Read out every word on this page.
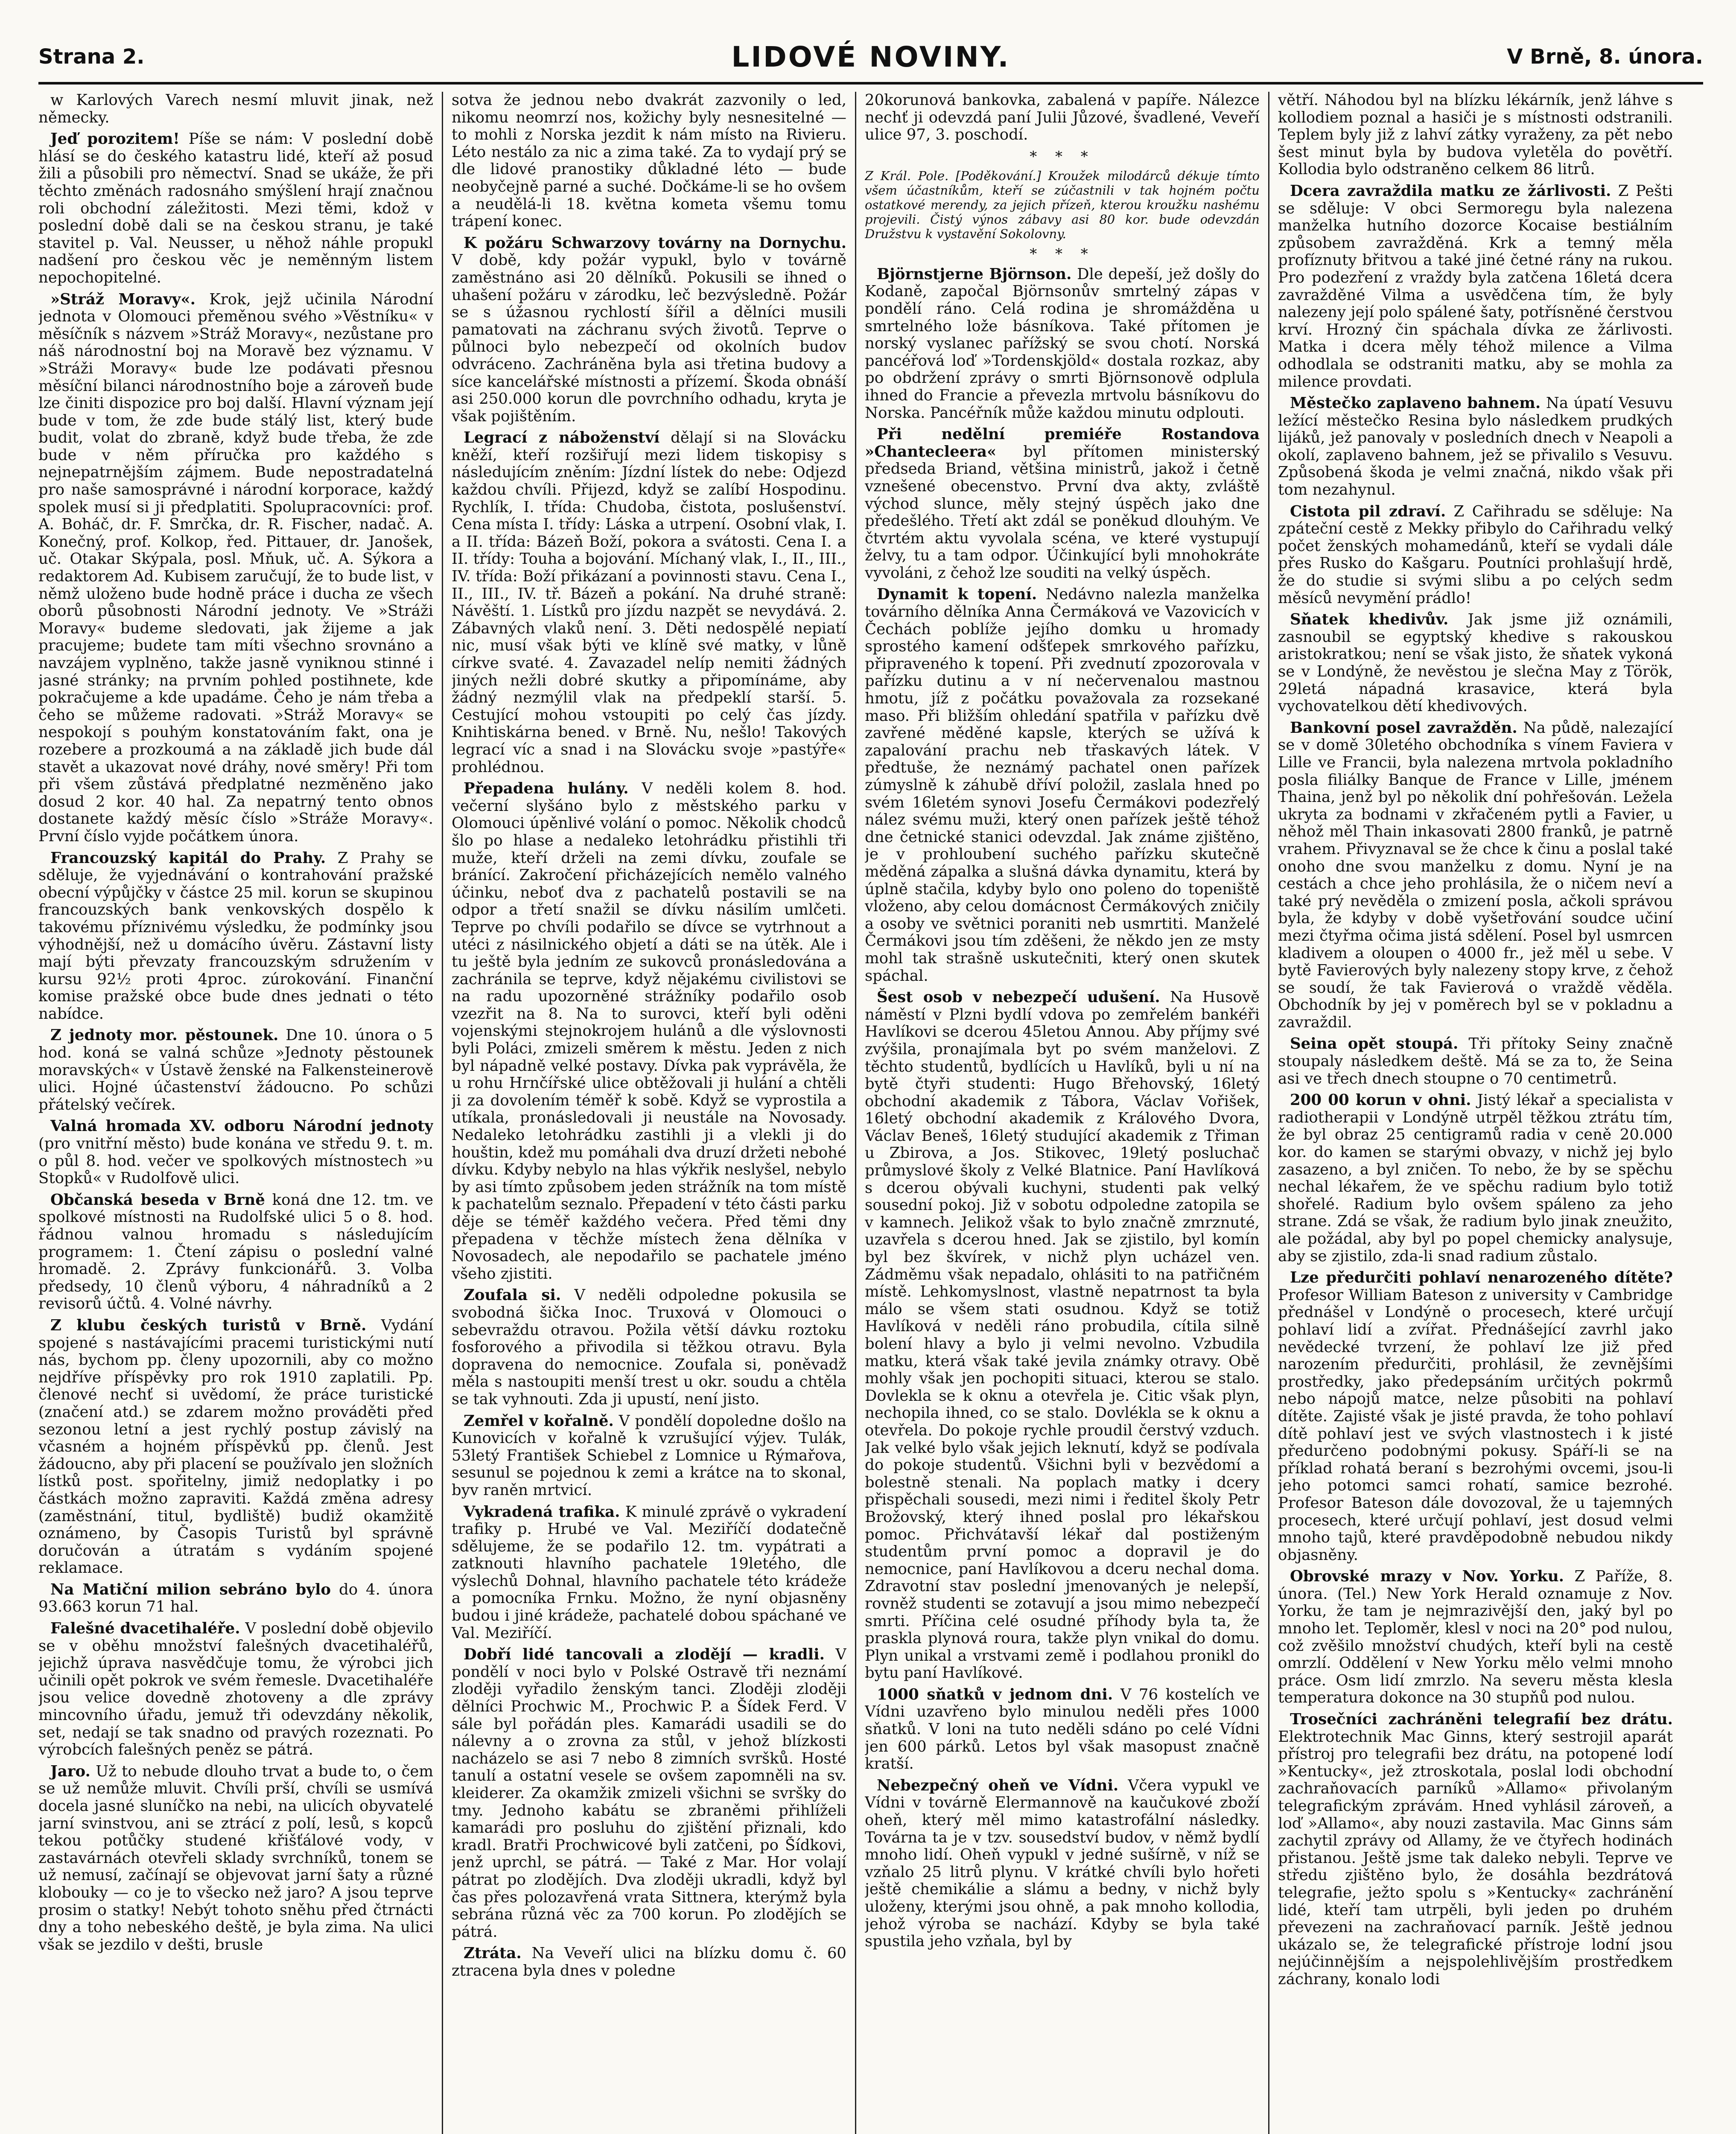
Strana 2.	LIDOVÉ NOVINY.	V Brně, 8. února.

w Karlových Varech nesmí mluvit jinak, než německy.

Jeď porozitem! Píše se nám: V poslední době hlásí se do českého katastru lidé, kteří až posud žili a působili pro němectví. Snad se ukáže, že při těchto změnách radosnáho smýšlení hrají značnou roli obchodní záležitosti. Mezi těmi, kdož v poslední době dali se na českou stranu, je také stavitel p. Val. Neusser, u něhož náhle propukl nadšení pro českou věc je neměnným listem nepochopitelné.

»Stráž Moravy«. Krok, jejž učinila Národní jednota v Olomouci přeměnou svého »Věstníku« v měsíčník s názvem »Stráž Moravy«, nezůstane pro náš národnostní boj na Moravě bez významu. V »Stráži Moravy« bude lze podávati přesnou měsíční bilanci národnostního boje a zároveň bude lze činiti dispozice pro boj další. Hlavní význam její bude v tom, že zde bude stálý list, který bude budit, volat do zbraně, když bude třeba, že zde bude v něm příručka pro každého s nejnepatrnějším zájmem. Bude nepostradatelná pro naše samosprávné i národní korporace, každý spolek musí si ji předplatiti. Spolupracovníci: prof. A. Boháč, dr. F. Smrčka, dr. R. Fischer, nadač. A. Konečný, prof. Kolkop, řed. Pittauer, dr. Janošek, uč. Otakar Skýpala, posl. Mňuk, uč. A. Sýkora a redaktorem Ad. Kubisem zaručují, že to bude list, v němž uloženo bude hodně práce i ducha ze všech oborů působnosti Národní jednoty. Ve »Stráži Moravy« budeme sledovati, jak žijeme a jak pracujeme; budete tam míti všechno srovnáno a navzájem vyplněno, takže jasně vyniknou stinné i jasné stránky; na prvním pohled postihnete, kde pokračujeme a kde upadáme. Čeho je nám třeba a čeho se můžeme radovati. »Stráž Moravy« se nespokojí s pouhým konstatováním fakt, ona je rozebere a prozkoumá a na základě jich bude dál stavět a ukazovat nové dráhy, nové směry! Při tom při všem zůstává předplatné nezměněno jako dosud 2 kor. 40 hal. Za nepatrný tento obnos dostanete každý měsíc číslo »Stráže Moravy«. První číslo vyjde počátkem února.

Francouzský kapitál do Prahy. Z Prahy se sděluje, že vyjednávání o kontrahování pražské obecní výpůjčky v částce 25 mil. korun se skupinou francouzských bank venkovských dospělo k takovému příznivému výsledku, že podmínky jsou výhodnější, než u domácího úvěru. Zástavní listy mají býti převzaty francouzským sdružením v kursu 92½ proti 4proc. zúrokování. Finanční komise pražské obce bude dnes jednati o této nabídce.

Z jednoty mor. pěstounek. Dne 10. února o 5 hod. koná se valná schůze »Jednoty pěstounek moravských« v Ústavě ženské na Falkensteinerově ulici. Hojné účastenství žádoucno. Po schůzi přátelský večírek.

Valná hromada XV. odboru Národní jednoty (pro vnitřní město) bude konána ve středu 9. t. m. o půl 8. hod. večer ve spolkových místnostech »u Stopků« v Rudolfově ulici.

Občanská beseda v Brně koná dne 12. tm. ve spolkové místnosti na Rudolfské ulici 5 o 8. hod. řádnou valnou hromadu s následujícím programem: 1. Čtení zápisu o poslední valné hromadě. 2. Zprávy funkcionářů. 3. Volba předsedy, 10 členů výboru, 4 náhradníků a 2 revisorů účtů. 4. Volné návrhy.

Z klubu českých turistů v Brně. Vydání spojené s nastávajícími pracemi turistickými nutí nás, bychom pp. členy upozornili, aby co možno nejdříve příspěvky pro rok 1910 zaplatili. Pp. členové nechť si uvědomí, že práce turistické (značení atd.) se zdarem možno prováděti před sezonou letní a jest rychlý postup závislý na včasném a hojném příspěvků pp. členů. Jest žádoucno, aby při placení se používalo jen složních lístků post. spořitelny, jimiž nedoplatky i po částkách možno zapraviti. Každá změna adresy (zaměstnání, titul, bydliště) budiž okamžitě oznámeno, by Časopis Turistů byl správně doručován a útratám s vydáním spojené reklamace.

Na Matiční milion sebráno bylo do 4. února 93.663 korun 71 hal.

Falešné dvacetihaléře. V poslední době objevilo se v oběhu množství falešných dvacetihaléřů, jejichž úprava nasvědčuje tomu, že výrobci jich učinili opět pokrok ve svém řemesle. Dvacetihaléře jsou velice dovedně zhotoveny a dle zprávy mincovního úřadu, jemuž tři odevzdány několik, set, nedají se tak snadno od pravých rozeznati. Po výrobcích falešných peněz se pátrá.

Jaro. Už to nebude dlouho trvat a bude to, o čem se už nemůže mluvit. Chvíli prší, chvíli se usmívá docela jasné sluníčko na nebi, na ulicích obyvatelé jarní svinstvou, ani se ztrácí z polí, lesů, s kopců tekou potůčky studené křišťálové vody, v zastavárnách otevřeli sklady svrchníků, tonem se už nemusí, začínají se objevovat jarní šaty a různé klobouky — co je to všecko než jaro? A jsou teprve prosim o statky! Nebýt tohoto sněhu před čtrnácti dny a toho nebeského deště, je byla zima. Na ulici však se jezdilo v dešti, brusle

sotva že jednou nebo dvakrát zazvonily o led, nikomu neomrzí nos, kožichy byly nesnesitelné — to mohli z Norska jezdit k nám místo na Rivieru. Léto nestálo za nic a zima také. Za to vydají prý se dle lidové pranostiky důkladné léto — bude neobyčejně parné a suché. Dočkáme-li se ho ovšem a neudělá-li 18. května kometa všemu tomu trápení konec.

K požáru Schwarzovy továrny na Dornychu. V době, kdy požár vypukl, bylo v továrně zaměstnáno asi 20 dělníků. Pokusili se ihned o uhašení požáru v zárodku, leč bezvýsledně. Požár se s úžasnou rychlostí šířil a dělníci musili pamatovati na záchranu svých životů. Teprve o půlnoci bylo nebezpečí od okolních budov odvráceno. Zachráněna byla asi třetina budovy a síce kancelářské místnosti a přízemí. Škoda obnáší asi 250.000 korun dle povrchního odhadu, kryta je však pojištěním.

Legrací z náboženství dělají si na Slovácku kněží, kteří rozšiřují mezi lidem tiskopisy s následujícím zněním: Jízdní lístek do nebe: Odjezd každou chvíli. Přijezd, když se zalíbí Hospodinu. Rychlík, I. třída: Chudoba, čistota, poslušenství. Cena místa I. třídy: Láska a utrpení. Osobní vlak, I. a II. třída: Bázeň Boží, pokora a svátosti. Cena I. a II. třídy: Touha a bojování. Míchaný vlak, I., II., III., IV. třída: Boží přikázaní a povinnosti stavu. Cena I., II., III., IV. tř. Bázeň a pokání. Na druhé straně: Návěští. 1. Lístků pro jízdu nazpět se nevydává. 2. Zábavných vlaků není. 3. Děti nedospělé nepiatí nic, musí však býti ve klíně své matky, v lůně církve svaté. 4. Zavazadel nelíp nemiti žádných jiných nežli dobré skutky a připomínáme, aby žádný nezmýlil vlak na předpeklí starší. 5. Cestující mohou vstoupiti po celý čas jízdy. Knihtiskárna bened. v Brně. Nu, nešlo! Takových legrací víc a snad i na Slovácku svoje »pastýře« prohlédnou.

Přepadena hulány. V neděli kolem 8. hod. večerní slyšáno bylo z městského parku v Olomouci úpěnlivé volání o pomoc. Několik chodců šlo po hlase a nedaleko letohrádku přistihli tři muže, kteří drželi na zemi dívku, zoufale se bránící. Zakročení přicházejících nemělo valného účinku, neboť dva z pachatelů postavili se na odpor a třetí snažil se dívku násilím umlčeti. Teprve po chvíli podařilo se dívce se vytrhnout a utéci z násilnického objetí a dáti se na útěk. Ale i tu ještě byla jedním ze sukovců pronásledována a zachránila se teprve, když nějakému civilistovi se na radu upozorněné strážníky podařilo osob vzezřit na 8. Na to surovci, kteří byli oděni vojenskými stejnokrojem hulánů a dle výslovnosti byli Poláci, zmizeli směrem k městu. Jeden z nich byl nápadně velké postavy. Dívka pak vyprávěla, že u rohu Hrnčířské ulice obtěžovali ji hulání a chtěli ji za dovolením téměř k sobě. Když se vyprostila a utíkala, pronásledovali ji neustále na Novosady. Nedaleko letohrádku zastihli ji a vlekli ji do houštin, kdež mu pomáhali dva druzí držeti nebohé dívku. Kdyby nebylo na hlas výkřik neslyšel, nebylo by asi tímto způsobem jeden strážník na tom místě k pachatelům seznalo. Přepadení v této části parku děje se téměř každého večera. Před těmi dny přepadena v těchže místech žena dělníka v Novosadech, ale nepodařilo se pachatele jméno všeho zjistiti.

Zoufala si. V neděli odpoledne pokusila se svobodná šička Inoc. Truxová v Olomouci o sebevraždu otravou. Požila větší dávku roztoku fosforového a přivodila si těžkou otravu. Byla dopravena do nemocnice. Zoufala si, poněvadž měla s nastoupiti menší trest u okr. soudu a chtěla se tak vyhnouti. Zda ji upustí, není jisto.

Zemřel v kořalně. V pondělí dopoledne došlo na Kunovicích v kořalně k vzrušující výjev. Tulák, 53letý František Schiebel z Lomnice u Rýmařova, sesunul se pojednou k zemi a krátce na to skonal, byv raněn mrtvicí.

Vykradená trafika. K minulé zprávě o vykradení trafiky p. Hrubé ve Val. Meziříčí dodatečně sdělujeme, že se podařilo 12. tm. vypátrati a zatknouti hlavního pachatele 19letého, dle výslechů Dohnal, hlavního pachatele této krádeže a pomocníka Frnku. Možno, že nyní objasněny budou i jiné krádeže, pachatelé dobou spáchané ve Val. Meziříčí.

Dobří lidé tancovali a zlodějí — kradli. V pondělí v noci bylo v Polské Ostravě tři neznámí zloději vyřadilo ženským tanci. Zloději zloději dělníci Prochwic M., Prochwic P. a Šídek Ferd. V sále byl pořádán ples. Kamarádi usadili se do nálevny a o zrovna za stůl, v jehož blízkosti nacházelo se asi 7 nebo 8 zimních svršků. Hosté tanulí a ostatní vesele se ovšem zapomněli na sv. kleiderer. Za okamžik zmizeli všichni se svršky do tmy. Jednoho kabátu se zbraněmi přihlíželi kamarádi pro posluhu do zjištění přiznali, kdo kradl. Bratři Prochwicové byli zatčeni, po Šídkovi, jenž uprchl, se pátrá. — Také z Mar. Hor volají pátrat po zlodějích. Dva zloději ukradli, když byl čas přes polozavřená vrata Sittnera, kterýmž byla sebrána různá věc za 700 korun. Po zlodějích se pátrá.

Ztráta. Na Veveří ulici na blízku domu č. 60 ztracena byla dnes v poledne

20korunová bankovka, zabalená v papíře. Nálezce nechť ji odevzdá paní Julii Jůzové, švadlené, Veveří ulice 97, 3. poschodí.

* * *

Z Král. Pole. [Poděkování.] Kroužek milodárců dékuje tímto všem účastníkům, kteří se zúčastnili v tak hojném počtu ostatkové merendy, za jejich přízeň, kterou kroužku nashému projevili. Čistý výnos zábavy asi 80 kor. bude odevzdán Družstvu k vystavění Sokolovny.

* * *

Björnstjerne Björnson. Dle depeší, jež došly do Kodaně, započal Björnsonův smrtelný zápas v pondělí ráno. Celá rodina je shromážděna u smrtelného lože básníkova. Také přítomen je norský vyslanec pařížský se svou chotí. Norská pancéřová loď »Tordenskjöld« dostala rozkaz, aby po obdržení zprávy o smrti Björnsonově odplula ihned do Francie a převezla mrtvolu básníkovu do Norska. Pancéřník může každou minutu odplouti.

Při nedělní premiéře Rostandova »Chantecleera« byl přítomen ministerský předseda Briand, většina ministrů, jakož i četně vznešené obecenstvo. První dva akty, zvláště východ slunce, měly stejný úspěch jako dne předešlého. Třetí akt zdál se poněkud dlouhým. Ve čtvrtém aktu vyvolala scéna, ve které vystupují želvy, tu a tam odpor. Účinkující byli mnohokráte vyvoláni, z čehož lze souditi na velký úspěch.

Dynamit k topení. Nedávno nalezla manželka továrního dělníka Anna Čermáková ve Vazovicích v Čechách poblíže jejího domku u hromady sprostého kamení odšťepek smrkového pařízku, připraveného k topení. Při zvednutí zpozorovala v pařízku dutinu a v ní nečervenalou mastnou hmotu, jíž z počátku považovala za rozsekané maso. Při bližším ohledání spatřila v pařízku dvě zavřené měděné kapsle, kterých se užívá k zapalování prachu neb třaskavých látek. V předtuše, že neznámý pachatel onen pařízek zúmyslně k záhubě dříví položil, zaslala hned po svém 16letém synovi Josefu Čermákovi podezřelý nález svému muži, který onen pařízek ještě téhož dne četnické stanici odevzdal. Jak známe zjištěno, je v prohloubení suchého pařízku skutečně měděná zápalka a slušná dávka dynamitu, která by úplně stačila, kdyby bylo ono poleno do topeniště vloženo, aby celou domácnost Čermákových zničily a osoby ve světnici poraniti neb usmrtiti. Manželé Čermákovi jsou tím zděšeni, že někdo jen ze msty mohl tak strašně uskutečniti, který onen skutek spáchal.

Šest osob v nebezpečí udušení. Na Husově náměstí v Plzni bydlí vdova po zemřelém bankéři Havlíkovi se dcerou 45letou Annou. Aby příjmy své zvýšila, pronajímala byt po svém manželovi. Z těchto studentů, bydlících u Havlíků, byli u ní na bytě čtyři studenti: Hugo Břehovský, 16letý obchodní akademik z Tábora, Václav Vořišek, 16letý obchodní akademik z Králového Dvora, Václav Beneš, 16letý studující akademik z Třiman u Zbirova, a Jos. Stikovec, 19letý posluchač průmyslové školy z Velké Blatnice. Paní Havlíková s dcerou obývali kuchyni, studenti pak velký sousední pokoj. Již v sobotu odpoledne zatopila se v kamnech. Jelikož však to bylo značně zmrznuté, uzavřela s dcerou hned. Jak se zjistilo, byl komín byl bez škvírek, v nichž plyn ucházel ven. Zádměmu však nepadalo, ohlásiti to na patřičném místě. Lehkomyslnost, vlastně nepatrnost ta byla málo se všem stati osudnou. Když se totiž Havlíková v neděli ráno probudila, cítila silně bolení hlavy a bylo ji velmi nevolno. Vzbudila matku, která však také jevila známky otravy. Obě mohly však jen pochopiti situaci, kterou se stalo. Dovlekla se k oknu a otevřela je. Citic však plyn, nechopila ihned, co se stalo. Dovlékla se k oknu a otevřela. Do pokoje rychle proudil čerstvý vzduch. Jak velké bylo však jejich leknutí, když se podívala do pokoje studentů. Všichni byli v bezvědomí a bolestně stenali. Na poplach matky i dcery přispěchali sousedi, mezi nimi i ředitel školy Petr Brožovský, který ihned poslal pro lékařskou pomoc. Přichvátavší lékař dal postiženým studentům první pomoc a dopravil je do nemocnice, paní Havlíkovou a dceru nechal doma. Zdravotní stav poslední jmenovaných je nelepší, rovněž studenti se zotavují a jsou mimo nebezpečí smrti. Příčina celé osudné příhody byla ta, že praskla plynová roura, takže plyn vnikal do domu. Plyn unikal a vrstvami země i podlahou pronikl do bytu paní Havlíkové.

1000 sňatků v jednom dni. V 76 kostelích ve Vídni uzavřeno bylo minulou neděli přes 1000 sňatků. V loni na tuto neděli sdáno po celé Vídni jen 600 párků. Letos byl však masopust značně kratší.

Nebezpečný oheň ve Vídni. Včera vypukl ve Vídni v továrně Elermannově na kaučukové zboží oheň, který měl mimo katastrofální následky. Továrna ta je v tzv. sousedství budov, v němž bydlí mnoho lidí. Oheň vypukl v jedné sušírně, v níž se vzňalo 25 litrů plynu. V krátké chvíli bylo hořeti ještě chemikálie a slámu a bedny, v nichž byly uloženy, kterými jsou ohně, a pak mnoho kollodia, jehož výroba se nachází. Kdyby se byla také spustila jeho vzňala, byl by

větří. Náhodou byl na blízku lékárník, jenž láhve s kollodiem poznal a hasiči je s místnosti odstranili. Teplem byly již z lahví zátky vyraženy, za pět nebo šest minut byla by budova vyletěla do povětří. Kollodia bylo odstraněno celkem 86 litrů.

Dcera zavraždila matku ze žárlivosti. Z Pešti se sděluje: V obci Sermoregu byla nalezena manželka hutního dozorce Kocaise bestiálním způsobem zavražděná. Krk a temný měla profíznuty břitvou a také jiné četné rány na rukou. Pro podezření z vraždy byla zatčena 16letá dcera zavražděné Vilma a usvědčena tím, že byly nalezeny její polo spálené šaty, potřísněné čerstvou krví. Hrozný čin spáchala dívka ze žárlivosti. Matka i dcera měly téhož milence a Vilma odhodlala se odstraniti matku, aby se mohla za milence provdati.

Městečko zaplaveno bahnem. Na úpatí Vesuvu ležící městečko Resina bylo následkem prudkých lijáků, jež panovaly v posledních dnech v Neapoli a okolí, zaplaveno bahnem, jež se přivalilo s Vesuvu. Způsobená škoda je velmi značná, nikdo však při tom nezahynul.

Cistota pil zdraví. Z Cařihradu se sděluje: Na zpáteční cestě z Mekky přibylo do Cařihradu velký počet ženských mohamedánů, kteří se vydali dále přes Rusko do Kašgaru. Poutníci prohlašují hrdě, že do studie si svými slibu a po celých sedm měsíců nevymění prádlo!

Sňatek khedivův. Jak jsme již oznámili, zasnoubil se egyptský khedive s rakouskou aristokratkou; není se však jisto, že sňatek vykoná se v Londýně, že nevěstou je slečna May z Török, 29letá nápadná krasavice, která byla vychovatelkou dětí khedivových.

Bankovní posel zavražděn. Na půdě, nalezající se v domě 30letého obchodníka s vínem Faviera v Lille ve Francii, byla nalezena mrtvola pokladního posla filiálky Banque de France v Lille, jménem Thaina, jenž byl po několik dní pohřešován. Ležela ukryta za bodnami v zkřačeném pytli a Favier, u něhož měl Thain inkasovati 2800 franků, je patrně vrahem. Přivyznaval se že chce k činu a poslal také onoho dne svou manželku z domu. Nyní je na cestách a chce jeho prohlásila, že o ničem neví a také prý nevěděla o zmizení posla, ačkoli správou byla, že kdyby v době vyšetřování soudce učiní mezi čtyřma očima jistá sdělení. Posel byl usmrcen kladivem a oloupen o 4000 fr., jež měl u sebe. V bytě Favierových byly nalezeny stopy krve, z čehož se soudí, že tak Favierová o vraždě věděla. Obchodník by jej v poměrech byl se v pokladnu a zavraždil.

Seina opět stoupá. Tři přítoky Seiny značně stoupaly následkem deště. Má se za to, že Seina asi ve třech dnech stoupne o 70 centimetrů.

200 00 korun v ohni. Jistý lékař a specialista v radiotherapii v Londýně utrpěl těžkou ztrátu tím, že byl obraz 25 centigramů radia v ceně 20.000 kor. do kamen se starými obvazy, v nichž jej bylo zasazeno, a byl zničen. To nebo, že by se spěchu nechal lékařem, že ve spěchu radium bylo totiž shořelé. Radium bylo ovšem spáleno za jeho strane. Zdá se však, že radium bylo jinak zneužito, ale požádal, aby byl po popel chemicky analysuje, aby se zjistilo, zda-li snad radium zůstalo.

Lze předurčiti pohlaví nenarozeného dítěte? Profesor William Bateson z university v Cambridge přednášel v Londýně o procesech, které určují pohlaví lidí a zvířat. Přednášející zavrhl jako nevědecké tvrzení, že pohlaví lze již před narozením předurčiti, prohlásil, že zevnějšími prostředky, jako předepsáním určitých pokrmů nebo nápojů matce, nelze působiti na pohlaví dítěte. Zajisté však je jisté pravda, že toho pohlaví dítě pohlaví jest ve svých vlastnostech i k jisté předurčeno podobnými pokusy. Spáří-li se na příklad rohatá beraní s bezrohými ovcemi, jsou-li jeho potomci samci rohatí, samice bezrohé. Profesor Bateson dále dovozoval, že u tajemných procesech, které určují pohlaví, jest dosud velmi mnoho tajů, které pravděpodobně nebudou nikdy objasněny.

Obrovské mrazy v Nov. Yorku. Z Paříže, 8. února. (Tel.) New York Herald oznamuje z Nov. Yorku, že tam je nejmrazivější den, jaký byl po mnoho let. Teploměr, klesl v noci na 20° pod nulou, což zvěšilo množství chudých, kteří byli na cestě omrzlí. Oddělení v New Yorku mělo velmi mnoho práce. Osm lidí zmrzlo. Na severu města klesla temperatura dokonce na 30 stupňů pod nulou.

Trosečníci zachráněni telegrafií bez drátu. Elektrotechnik Mac Ginns, který sestrojil aparát přístroj pro telegrafii bez drátu, na potopené lodí »Kentucky«, jež ztroskotala, poslal lodi obchodní zachraňovacích parníků »Allamo« přivolaným telegrafickým zprávám. Hned vyhlásil zároveň, a loď »Allamo«, aby nouzi zastavila. Mac Ginns sám zachytil zprávy od Allamy, že ve čtyřech hodinách přistanou. Ještě jsme tak daleko nebyli. Teprve ve středu zjištěno bylo, že dosáhla bezdrátová telegrafie, ježto spolu s »Kentucky« zachránění lidé, kteří tam utrpěli, byli jeden po druhém převezeni na zachraňovací parník. Ještě jednou ukázalo se, že telegrafické přístroje lodní jsou nejúčinnějším a nejspolehlivějším prostředkem záchrany, konalo lodi
